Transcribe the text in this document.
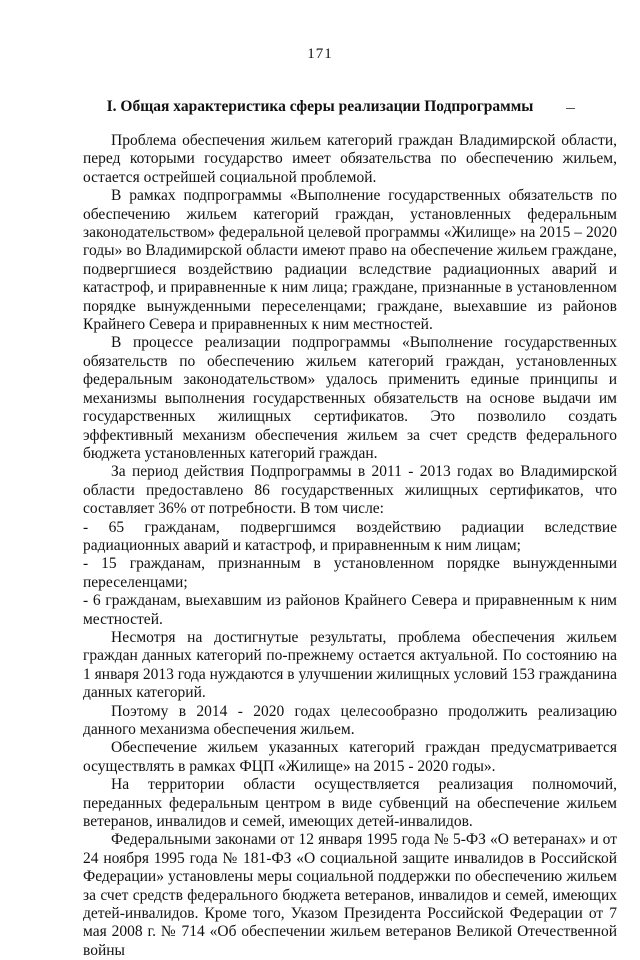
171
I. Общая характеристика сферы реализации Подпрограммы

Проблема обеспечения жильем категорий граждан Владимирской области, перед которыми государство имеет обязательства по обеспечению жильем, остается острейшей социальной проблемой.

В рамках подпрограммы «Выполнение государственных обязательств по обеспечению жильем категорий граждан, установленных федеральным законодательством» федеральной целевой программы «Жилище» на 2015 – 2020 годы» во Владимирской области имеют право на обеспечение жильем граждане, подвергшиеся воздействию радиации вследствие радиационных аварий и катастроф, и приравненные к ним лица; граждане, признанные в установленном порядке вынужденными переселенцами; граждане, выехавшие из районов Крайнего Севера и приравненных к ним местностей.

В процессе реализации подпрограммы «Выполнение государственных обязательств по обеспечению жильем категорий граждан, установленных федеральным законодательством» удалось применить единые принципы и механизмы выполнения государственных обязательств на основе выдачи им государственных жилищных сертификатов. Это позволило создать эффективный механизм обеспечения жильем за счет средств федерального бюджета установленных категорий граждан.

За период действия Подпрограммы в 2011 - 2013 годах во Владимирской области предоставлено 86 государственных жилищных сертификатов, что составляет 36% от потребности. В том числе:

- 65 гражданам, подвергшимся воздействию радиации вследствие радиационных аварий и катастроф, и приравненным к ним лицам;

- 15 гражданам, признанным в установленном порядке вынужденными переселенцами;

- 6 гражданам, выехавшим из районов Крайнего Севера и приравненным к ним местностей.

Несмотря на достигнутые результаты, проблема обеспечения жильем граждан данных категорий по-прежнему остается актуальной. По состоянию на 1 января 2013 года нуждаются в улучшении жилищных условий 153 гражданина данных категорий.

Поэтому в 2014 - 2020 годах целесообразно продолжить реализацию данного механизма обеспечения жильем.

Обеспечение жильем указанных категорий граждан предусматривается осуществлять в рамках ФЦП «Жилище» на 2015 - 2020 годы».

На территории области осуществляется реализация полномочий, переданных федеральным центром в виде субвенций на обеспечение жильем ветеранов, инвалидов и семей, имеющих детей-инвалидов.

Федеральными законами от 12 января 1995 года № 5-ФЗ «О ветеранах» и от 24 ноября 1995 года № 181-ФЗ «О социальной защите инвалидов в Российской Федерации» установлены меры социальной поддержки по обеспечению жильем за счет средств федерального бюджета ветеранов, инвалидов и семей, имеющих детей-инвалидов. Кроме того, Указом Президента Российской Федерации от 7 мая 2008 г. № 714 «Об обеспечении жильем ветеранов Великой Отечественной войны
